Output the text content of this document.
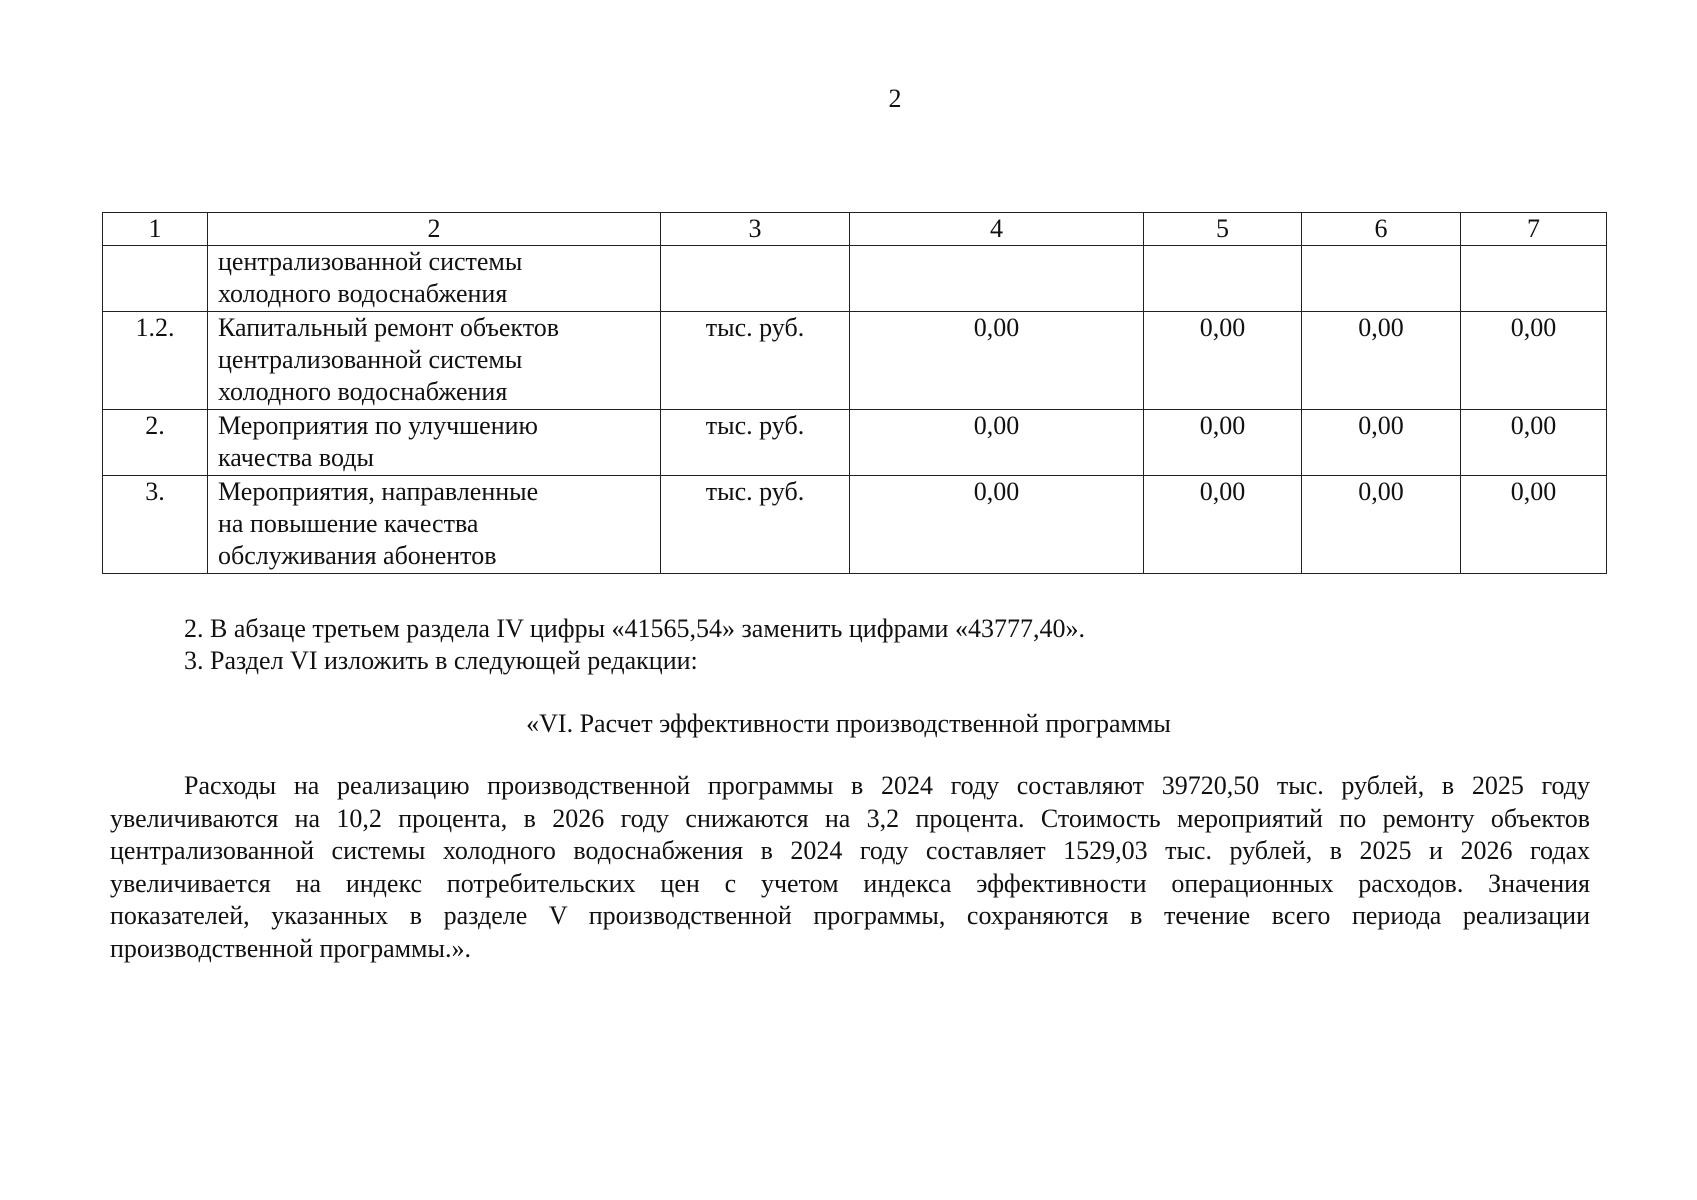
2
1	2	3	4	5	6	7

	централизованной системы
холодного водоснабжения					

1.2.	Капитальный ремонт объектов
централизованной системы
холодного водоснабжения	тыс. руб.	0,00	0,00	0,00	0,00
2.	Мероприятия по улучшению
качества воды	тыс. руб.	0,00	0,00	0,00	0,00
3.	Мероприятия, направленные
на повышение качества
обслуживания абонентов	тыс. руб.	0,00	0,00	0,00	0,00
2. В абзаце третьем раздела IV цифры «41565,54» заменить цифрами «43777,40».
3. Раздел VI изложить в следующей редакции:
«VI. Расчет эффективности производственной программы
Расходы на реализацию производственной программы в 2024 году составляют 39720,50 тыс. рублей, в 2025 году
увеличиваются на 10,2 процента, в 2026 году снижаются на 3,2 процента. Стоимость мероприятий по ремонту объектов
централизованной системы холодного водоснабжения в 2024 году составляет 1529,03 тыс. рублей, в 2025 и 2026 годах
увеличивается на индекс потребительских цен с учетом индекса эффективности операционных расходов. Значения
показателей, указанных в разделе V производственной программы, сохраняются в течение всего периода реализации
производственной программы.».
